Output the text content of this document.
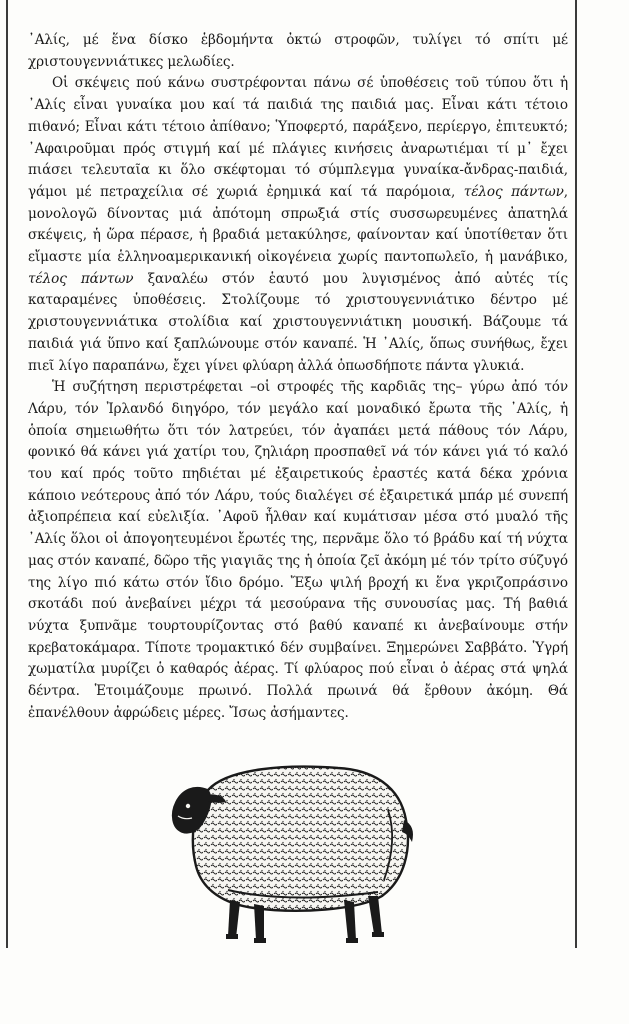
᾿Αλίς, μέ ἕνα δίσκο ἑβδομήντα ὀκτώ στροφῶν, τυλίγει τό σπίτι μέ χριστουγεννιάτικες μελωδίες.

Οἱ σκέψεις πού κάνω συστρέφονται πάνω σέ ὑποθέσεις τοῦ τύπου ὅτι ἡ ᾿Αλίς εἶναι γυναίκα μου καί τά παιδιά της παιδιά μας. Εἶναι κάτι τέτοιο πιθανό; Εἶναι κάτι τέτοιο ἀπίθανο; Ὑποφερτό, παράξενο, περίεργο, ἐπιτευκτό; ᾿Αφαιροῦμαι πρός στιγμή καί μέ πλάγιες κινήσεις ἀναρωτιέμαι τί μ᾿ ἔχει πιάσει τελευταῖα κι ὅλο σκέφτομαι τό σύμπλεγμα γυναίκα-ἄνδρας-παιδιά, γάμοι μέ πετραχείλια σέ χωριά ἐρημικά καί τά παρόμοια, τέλος πάντων, μονολογῶ δίνοντας μιά ἀπότομη σπρωξιά στίς συσσωρευμένες ἀπατηλά σκέψεις, ἡ ὥρα πέρασε, ἡ βραδιά μετακύλησε, φαίνονταν καί ὑποτίθεταν ὅτι εἴμαστε μία ἑλληνοαμερικανική οἰκογένεια χωρίς παντοπωλεῖο, ἡ μανάβικο, τέλος πάντων ξαναλέω στόν ἑαυτό μου λυγισμένος ἀπό αὐτές τίς καταραμένες ὑποθέσεις. Στολίζουμε τό χριστουγεννιάτικο δέντρο μέ χριστουγεννιάτικα στολίδια καί χριστουγεννιάτικη μουσική. Βάζουμε τά παιδιά γιά ὕπνο καί ξαπλώνουμε στόν καναπέ. Ἡ ᾿Αλίς, ὅπως συνήθως, ἔχει πιεῖ λίγο παραπάνω, ἔχει γίνει φλύαρη ἀλλά ὁπωσδήποτε πάντα γλυκιά.

Ἡ συζήτηση περιστρέφεται –οἱ στροφές τῆς καρδιᾶς της– γύρω ἀπό τόν Λάρυ, τόν Ἰρλανδό διηγόρο, τόν μεγάλο καί μοναδικό ἔρωτα τῆς ᾿Αλίς, ἡ ὁποία σημειωθήτω ὅτι τόν λατρεύει, τόν ἀγαπάει μετά πάθους τόν Λάρυ, φονικό θά κάνει γιά χατίρι του, ζηλιάρη προσπαθεῖ νά τόν κάνει γιά τό καλό του καί πρός τοῦτο πηδιέται μέ ἐξαιρετικούς ἐραστές κατά δέκα χρόνια κάποιο νεότερους ἀπό τόν Λάρυ, τούς διαλέγει σέ ἐξαιρετικά μπάρ μέ συνεπή ἀξιοπρέπεια καί εὐελιξία. ᾿Αφοῦ ἦλθαν καί κυμάτισαν μέσα στό μυαλό τῆς ᾿Αλίς ὅλοι οἱ ἀπογοητευμένοι ἔρωτές της, περνᾶμε ὅλο τό βράδυ καί τή νύχτα μας στόν καναπέ, δῶρο τῆς γιαγιᾶς της ἡ ὁποία ζεῖ ἀκόμη μέ τόν τρίτο σύζυγό της λίγο πιό κάτω στόν ἴδιο δρόμο. Ἔξω ψιλή βροχή κι ἕνα γκριζοπράσινο σκοτάδι πού ἀνεβαίνει μέχρι τά μεσούρανα τῆς συνουσίας μας. Τή βαθιά νύχτα ξυπνᾶμε τουρτουρίζοντας στό βαθύ καναπέ κι ἀνεβαίνουμε στήν κρεβατοκάμαρα. Τίποτε τρομακτικό δέν συμβαίνει. Ξημερώνει Σαββάτο. Ὑγρή χωματίλα μυρίζει ὁ καθαρός ἀέρας. Τί φλύαρος πού εἶναι ὁ ἀέρας στά ψηλά δέντρα. Ἑτοιμάζουμε πρωινό. Πολλά πρωινά θά ἔρθουν ἀκόμη. Θά ἐπανέλθουν ἀφρώδεις μέρες. Ἴσως ἀσήμαντες.
